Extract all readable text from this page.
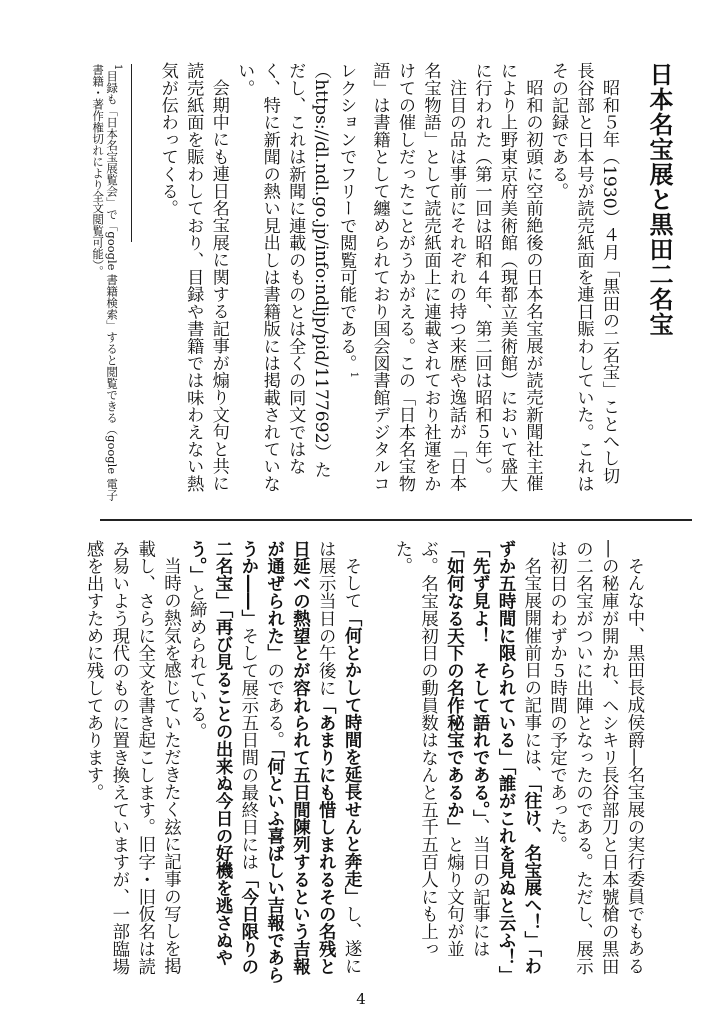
日本名宝展と黒田二名宝

昭和５年（1930）４月「黒田の二名宝」ことへし切長谷部と日本号が読売紙面を連日賑わしていた。これはその記録である。

昭和の初頭に空前絶後の日本名宝展が読売新聞社主催により上野東京府美術館（現都立美術館）において盛大に行われた（第一回は昭和４年、第二回は昭和５年）。

注目の品は事前にそれぞれの持つ来歴や逸話が「日本名宝物語」として読売紙面上に連載されており社運をかけての催しだったことがうかがえる。この「日本名宝物語」は書籍として纏められており国会図書館デジタルコレクションでフリーで閲覧可能である。$^1$（https://dl.ndl.go.jp/info:ndljp/pid/1177692）ただし、これは新聞に連載のものとは全くの同文ではなく、特に新聞の熱い見出しは書籍版には掲載されていない。

会期中にも連日名宝展に関する記事が煽り文句と共に読売紙面を賑わしており、目録や書籍では味わえない熱気が伝わってくる。

1目録も「日本名宝展覧会」で「google 書籍検索」すると閲覧できる（google 電子書籍・著作権切れにより全文閲覧可能）。

そんな中、黒田長成侯爵―名宝展の実行委員でもある―の秘庫が開かれ、ヘシキリ長谷部刀と日本號槍の黒田の二名宝がついに出陣となったのである。ただし、展示は初日のわずか５時間の予定であった。

名宝展開催前日の記事には、「往け、名宝展へ！」「わずか五時間に限られている」「誰がこれを見ぬと云ふ！」「先ず見よ！　そして語れである。」、当日の記事には「如何なる天下の名作秘宝であるか」と煽り文句が並ぶ。名宝展初日の動員数はなんと五千五百人にも上った。

そして「何とかして時間を延長せんと奔走」し、遂には展示当日の午後に「あまりにも惜しまれるその名残と日延べの熱望とが容れられて五日間陳列するという吉報が通ぜられた」のである。「何といふ喜ばしい吉報であらうか――」そして展示五日間の最終日には「今日限りの二名宝」「再び見ることの出来ぬ今日の好機を逃さぬやう。」と締められている。

当時の熱気を感じていただきたく玆に記事の写しを掲載し、さらに全文を書き起こします。旧字・旧仮名は読み易いよう現代のものに置き換えていますが、一部臨場感を出すために残してあります。

4
